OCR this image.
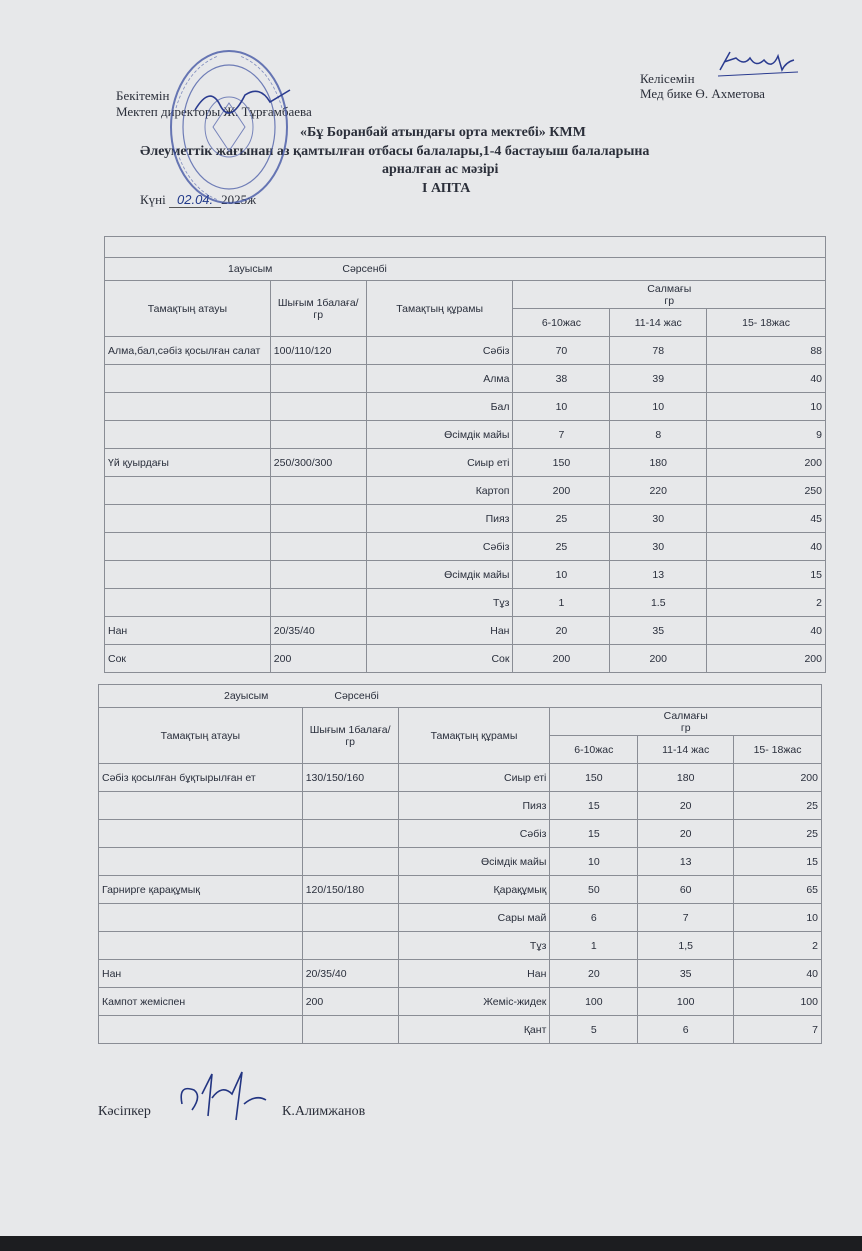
Бекітемін
Мектеп директоры Ж. Тұрғамбаева
Келісемін
Мед бике Ө. Ахметова
«Бұ Боранбай атындағы орта мектебі» КММ
Әлеуметтік жағынан аз қамтылған отбасы балалары,1-4 бастауыш балаларына
арналған ас мәзірі
Күні 02.04. 2025ж
I АПТА

1ауысым Сәрсенбі					
Тамақтың атауы	Шығым 1балаға/гр	Тамақтың құрамы	Салмағы
гр		

			6-10жас	11-14 жас	15- 18жас
Алма,бал,сәбіз қосылған салат	100/110/120	Сәбіз	70	78	88
		Алма	38	39	40
		Бал	10	10	10
		Өсімдік майы	7	8	9
Үй қуырдағы	250/300/300	Сиыр еті	150	180	200
		Картоп	200	220	250
		Пияз	25	30	45
		Сәбіз	25	30	40
		Өсімдік майы	10	13	15
		Тұз	1	1.5	2
Нан	20/35/40	Нан	20	35	40
Сок	200	Сок	200	200	200
2ауысым Сәрсенбі					
Тамақтың атауы	Шығым 1балаға/гр	Тамақтың құрамы	Салмағы
гр		

			6-10жас	11-14 жас	15- 18жас
Сәбіз қосылған бұқтырылған ет	130/150/160	Сиыр еті	150	180	200
		Пияз	15	20	25
		Сәбіз	15	20	25
		Өсімдік майы	10	13	15
Гарнирге қарақұмық	120/150/180	Қарақұмық	50	60	65
		Сары май	6	7	10
		Тұз	1	1,5	2
Нан	20/35/40	Нан	20	35	40
Кампот жеміспен	200	Жеміс-жидек	100	100	100
		Қант	5	6	7
Кәсіпкер	К.Алимжанов
